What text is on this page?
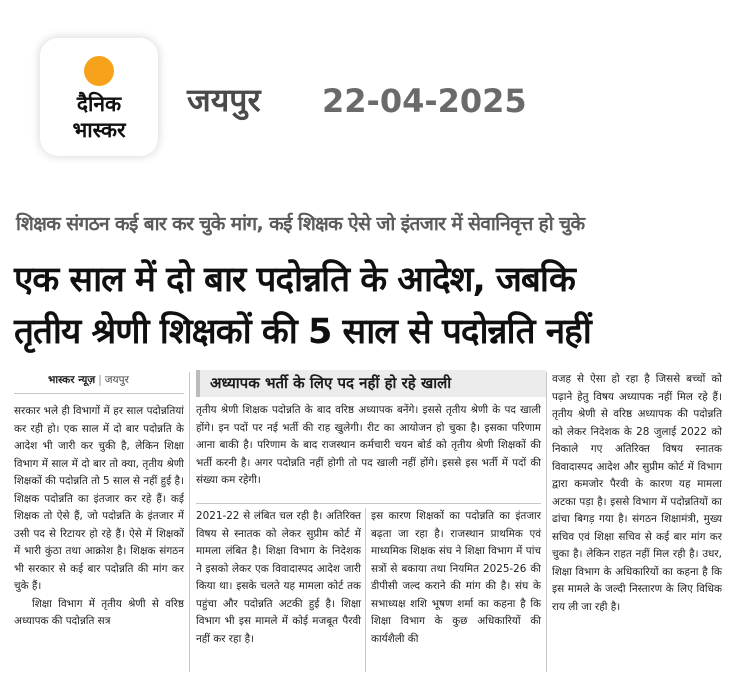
दैनिक
भास्कर
जयपुर 22-04-2025
शिक्षक संगठन कई बार कर चुके मांग, कई शिक्षक ऐसे जो इंतजार में सेवानिवृत्त हो चुके
एक साल में दो बार पदोन्नति के आदेश, जबकि
तृतीय श्रेणी शिक्षकों की 5 साल से पदोन्नति नहीं
भास्कर न्यूज़ | जयपुर	अध्यापक भर्ती के लिए पद नहीं हो रहे खाली

सरकार भले ही विभागों में हर साल पदोन्नतियां कर रही हो। एक साल में दो बार पदोन्नति के आदेश भी जारी कर चुकी है, लेकिन शिक्षा विभाग में साल में दो बार तो क्या, तृतीय श्रेणी शिक्षकों की पदोन्नति तो 5 साल से नहीं हुई है। शिक्षक पदोन्नति का इंतजार कर रहे हैं। कई शिक्षक तो ऐसे हैं, जो पदोन्नति के इंतजार में उसी पद से रिटायर हो रहे हैं। ऐसे में शिक्षकों में भारी कुंठा तथा आक्रोश है। शिक्षक संगठन भी सरकार से कई बार पदोन्नति की मांग कर चुके हैं।

शिक्षा विभाग में तृतीय श्रेणी से वरिष्ठ अध्यापक की पदोन्नति सत्र

तृतीय श्रेणी शिक्षक पदोन्नति के बाद वरिष्ठ अध्यापक बनेंगे। इससे तृतीय श्रेणी के पद खाली होंगे। इन पदों पर नई भर्ती की राह खुलेगी। रीट का आयोजन हो चुका है। इसका परिणाम आना बाकी है। परिणाम के बाद राजस्थान कर्मचारी चयन बोर्ड को तृतीय श्रेणी शिक्षकों की भर्ती करनी है। अगर पदोन्नति नहीं होगी तो पद खाली नहीं होंगे। इससे इस भर्ती में पदों की संख्या कम रहेगी।
2021-22 से लंबित चल रही है। अतिरिक्त विषय से स्नातक को लेकर सुप्रीम कोर्ट में मामला लंबित है। शिक्षा विभाग के निदेशक ने इसको लेकर एक विवादास्पद आदेश जारी किया था। इसके चलते यह मामला कोर्ट तक पहुंचा और पदोन्नति अटकी हुई है। शिक्षा विभाग भी इस मामले में कोई मजबूत पैरवी नहीं कर रहा है।
इस कारण शिक्षकों का पदोन्नति का इंतजार बढ़ता जा रहा है। राजस्थान प्राथमिक एवं माध्यमिक शिक्षक संघ ने शिक्षा विभाग में पांच सत्रों से बकाया तथा नियमित 2025-26 की डीपीसी जल्द कराने की मांग की है। संघ के सभाध्यक्ष शशि भूषण शर्मा का कहना है कि शिक्षा विभाग के कुछ अधिकारियों की कार्यशैली की
वजह से ऐसा हो रहा है जिससे बच्चों को पढ़ाने हेतु विषय अध्यापक नहीं मिल रहे हैं। तृतीय श्रेणी से वरिष्ठ अध्यापक की पदोन्नति को लेकर निदेशक के 28 जुलाई 2022 को निकाले गए अतिरिक्त विषय स्नातक विवादास्पद आदेश और सुप्रीम कोर्ट में विभाग द्वारा कमजोर पैरवी के कारण यह मामला अटका पड़ा है। इससे विभाग में पदोन्नतियों का ढांचा बिगड़ गया है। संगठन शिक्षामंत्री, मुख्य सचिव एवं शिक्षा सचिव से कई बार मांग कर चुका है। लेकिन राहत नहीं मिल रही है। उधर, शिक्षा विभाग के अधिकारियों का कहना है कि इस मामले के जल्दी निस्तारण के लिए विधिक राय ली जा रही है।
